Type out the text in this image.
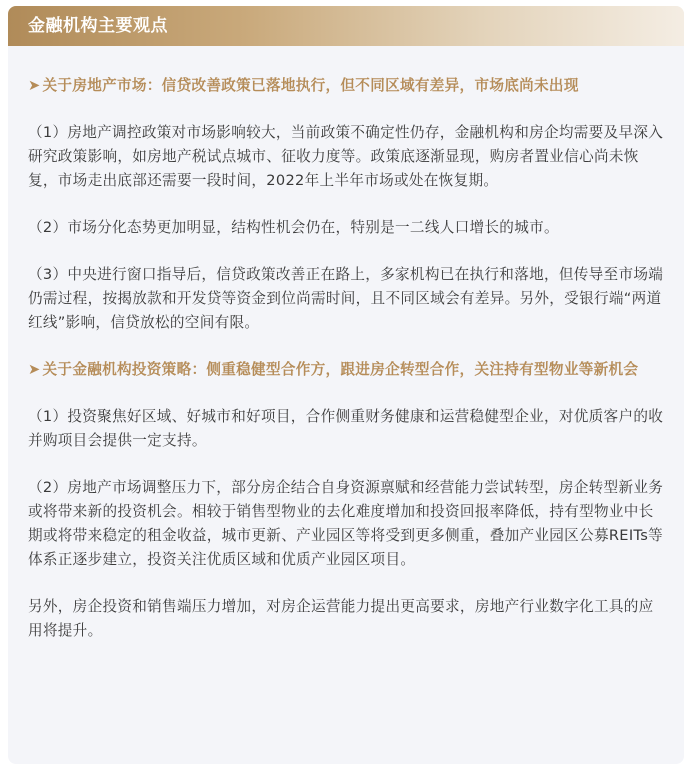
金融机构主要观点

➤ 关于房地产市场：信贷改善政策已落地执行，但不同区域有差异，市场底尚未出现

（1）房地产调控政策对市场影响较大，当前政策不确定性仍存，金融机构和房企均需要及早深入研究政策影响，如房地产税试点城市、征收力度等。政策底逐渐显现，购房者置业信心尚未恢复，市场走出底部还需要一段时间，2022年上半年市场或处在恢复期。

（2）市场分化态势更加明显，结构性机会仍在，特别是一二线人口增长的城市。

（3）中央进行窗口指导后，信贷政策改善正在路上，多家机构已在执行和落地，但传导至市场端仍需过程，按揭放款和开发贷等资金到位尚需时间，且不同区域会有差异。另外，受银行端“两道红线”影响，信贷放松的空间有限。

➤ 关于金融机构投资策略：侧重稳健型合作方，跟进房企转型合作，关注持有型物业等新机会

（1）投资聚焦好区域、好城市和好项目，合作侧重财务健康和运营稳健型企业，对优质客户的收并购项目会提供一定支持。

（2）房地产市场调整压力下，部分房企结合自身资源禀赋和经营能力尝试转型，房企转型新业务或将带来新的投资机会。相较于销售型物业的去化难度增加和投资回报率降低，持有型物业中长期或将带来稳定的租金收益，城市更新、产业园区等将受到更多侧重，叠加产业园区公募REITs等体系正逐步建立，投资关注优质区域和优质产业园区项目。

另外，房企投资和销售端压力增加，对房企运营能力提出更高要求，房地产行业数字化工具的应用将提升。
